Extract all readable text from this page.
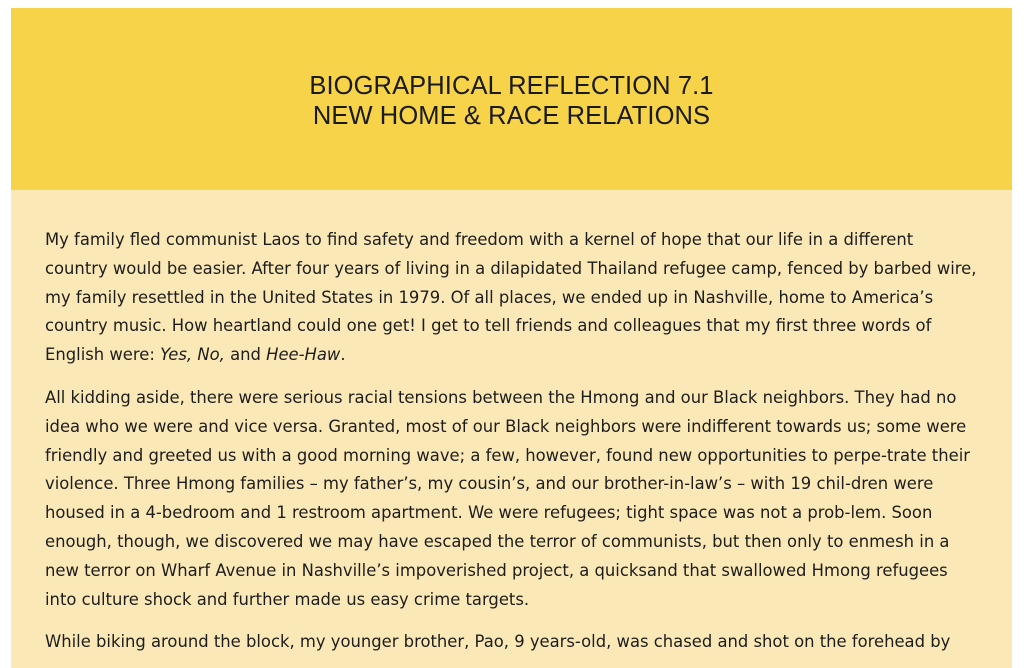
BIOGRAPHICAL REFLECTION 7.1
NEW HOME & RACE RELATIONS

My family fled communist Laos to find safety and freedom with a kernel of hope that our life in a different country would be easier. After four years of living in a dilapidated Thailand refugee camp, fenced by barbed wire, my family resettled in the United States in 1979. Of all places, we ended up in Nashville, home to America’s country music. How heartland could one get! I get to tell friends and colleagues that my first three words of English were: Yes, No, and Hee-Haw.

All kidding aside, there were serious racial tensions between the Hmong and our Black neighbors. They had no idea who we were and vice versa. Granted, most of our Black neighbors were indifferent towards us; some were friendly and greeted us with a good morning wave; a few, however, found new opportunities to perpe-trate their violence. Three Hmong families – my father’s, my cousin’s, and our brother-in-law’s – with 19 chil-dren were housed in a 4-bedroom and 1 restroom apartment. We were refugees; tight space was not a prob-lem. Soon enough, though, we discovered we may have escaped the terror of communists, but then only to enmesh in a new terror on Wharf Avenue in Nashville’s impoverished project, a quicksand that swallowed Hmong refugees into culture shock and further made us easy crime targets.

While biking around the block, my younger brother, Pao, 9 years-old, was chased and shot on the forehead by
